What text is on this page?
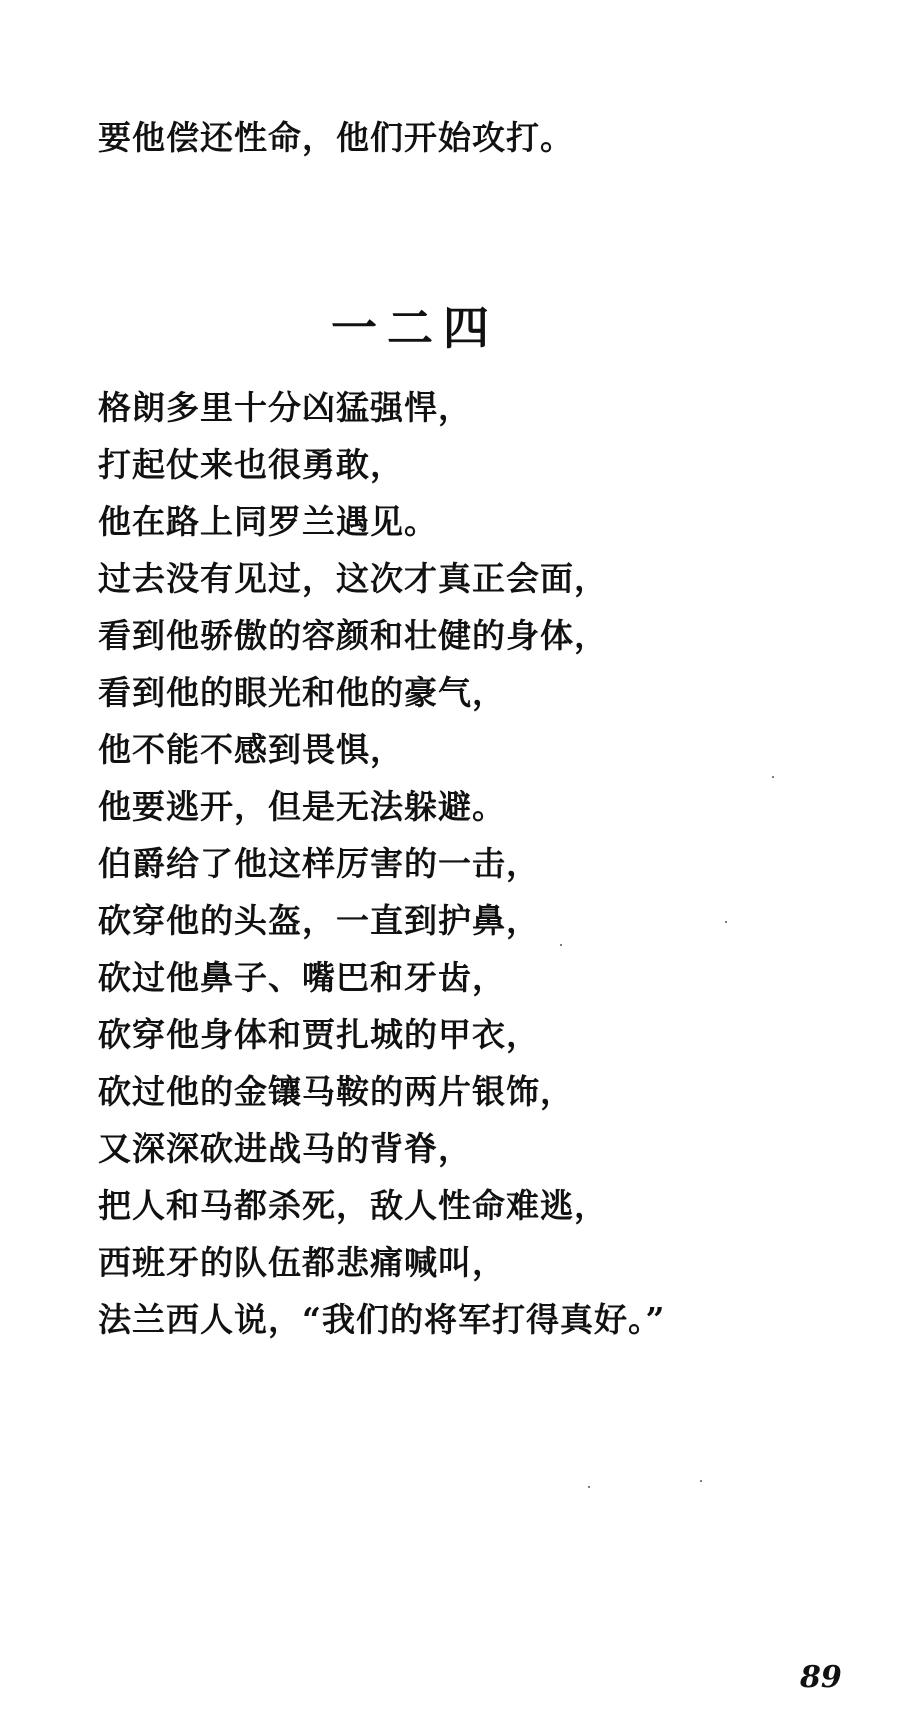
要他偿还性命，他们开始攻打。
一二四
格朗多里十分凶猛强悍，
打起仗来也很勇敢，
他在路上同罗兰遇见。
过去没有见过，这次才真正会面，
看到他骄傲的容颜和壮健的身体，
看到他的眼光和他的豪气，
他不能不感到畏惧，
他要逃开，但是无法躲避。
伯爵给了他这样厉害的一击，
砍穿他的头盔，一直到护鼻，
砍过他鼻子、嘴巴和牙齿，
砍穿他身体和贾扎城的甲衣，
砍过他的金镶马鞍的两片银饰，
又深深砍进战马的背脊，
把人和马都杀死，敌人性命难逃，
西班牙的队伍都悲痛喊叫，
法兰西人说，“我们的将军打得真好。”
89
